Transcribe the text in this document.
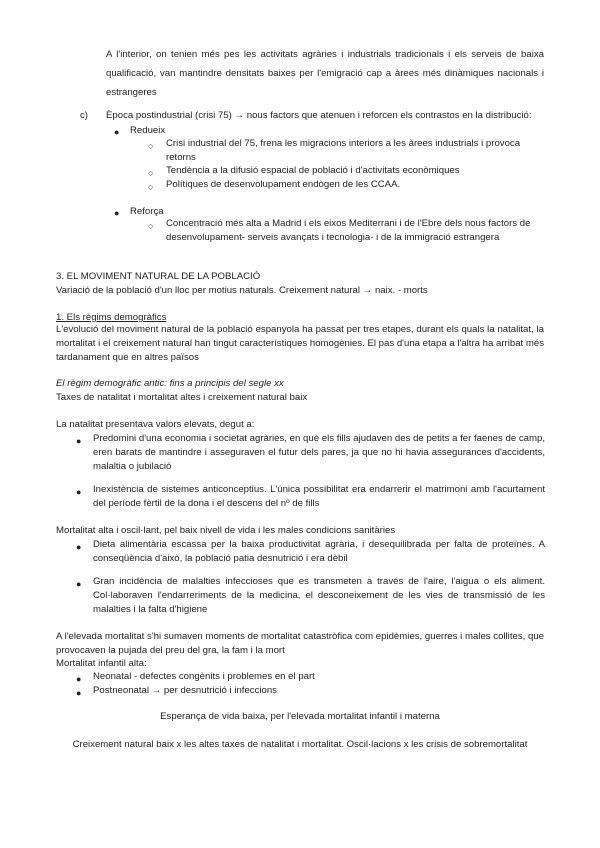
A l'interior, on tenien més pes les activitats agràries i industrials tradicionals i els serveis de baixa qualificació, van mantindre densitats baixes per l'emigració cap a àrees més dinàmiques nacionals i estrangeres
c) Època postindustrial (crisi 75) → nous factors que atenuen i reforcen els contrastos en la distribució:
● Redueix
○ Crisi industrial del 75, frena les migracions interiors a les àrees industrials i provoca retorns
○ Tendència a la difusió espacial de població i d'activitats econòmiques
○ Polítiques de desenvolupament endògen de les CCAA.
● Reforça
○ Concentració més alta a Madrid i els eixos Mediterrani i de l'Ebre dels nous factors de desenvolupament- serveis avançats i tecnologia- i de la immigració estrangera
3. EL MOVIMENT NATURAL DE LA POBLACIÓ
Variació de la població d'un lloc per motius naturals. Creixement natural → naix. - morts
1. Els règims demogràfics
L'evolució del moviment natural de la població espanyola ha passat per tres etapes, durant els quals la natalitat, la mortalitat i el creixement natural han tingut característiques homogènies. El pas d'una etapa a l'altra ha arribat més tardanament que en altres països
El règim demogràfic antic: fins a principis del segle xx
Taxes de natalitat i mortalitat altes i creixement natural baix
La natalitat presentava valors elevats, degut a:
● Predomini d'una economia i societat agràries, en què els fills ajudaven des de petits a fer faenes de camp, eren barats de mantindre i asseguraven el futur dels pares, ja que no hi havia assegurances d'accidents, malaltia o jubilació
● Inexistència de sistemes anticonceptius. L'única possibilitat era endarrerir el matrimoni amb l'acurtament del període fèrtil de la dona i el descens del nº de fills
Mortalitat alta i oscil·lant, pel baix nivell de vida i les males condicions sanitàries
● Dieta alimentària escassa per la baixa productivitat agrària, i desequilibrada per falta de proteïnes. A conseqüència d'això, la població patia desnutrició i era dèbil
● Gran incidència de malalties infeccioses que es transmeten a través de l'aire, l'aigua o els aliment. Col·laboraven l'endarreriments de la medicina, el desconeixement de les vies de transmissió de les malalties i la falta d'higiene
A l'elevada mortalitat s'hi sumaven moments de mortalitat catastròfica com epidèmies, guerres i males collites, que provocaven la pujada del preu del gra, la fam i la mort
Mortalitat infantil alta:
● Neonatal - defectes congènits i problemes en el part
● Postneonatal → per desnutrició i infeccions
Esperança de vida baixa, per l'elevada mortalitat infantil i materna
Creixement natural baix x les altes taxes de natalitat i mortalitat. Oscil·lacions x les crisis de sobremortalitat
